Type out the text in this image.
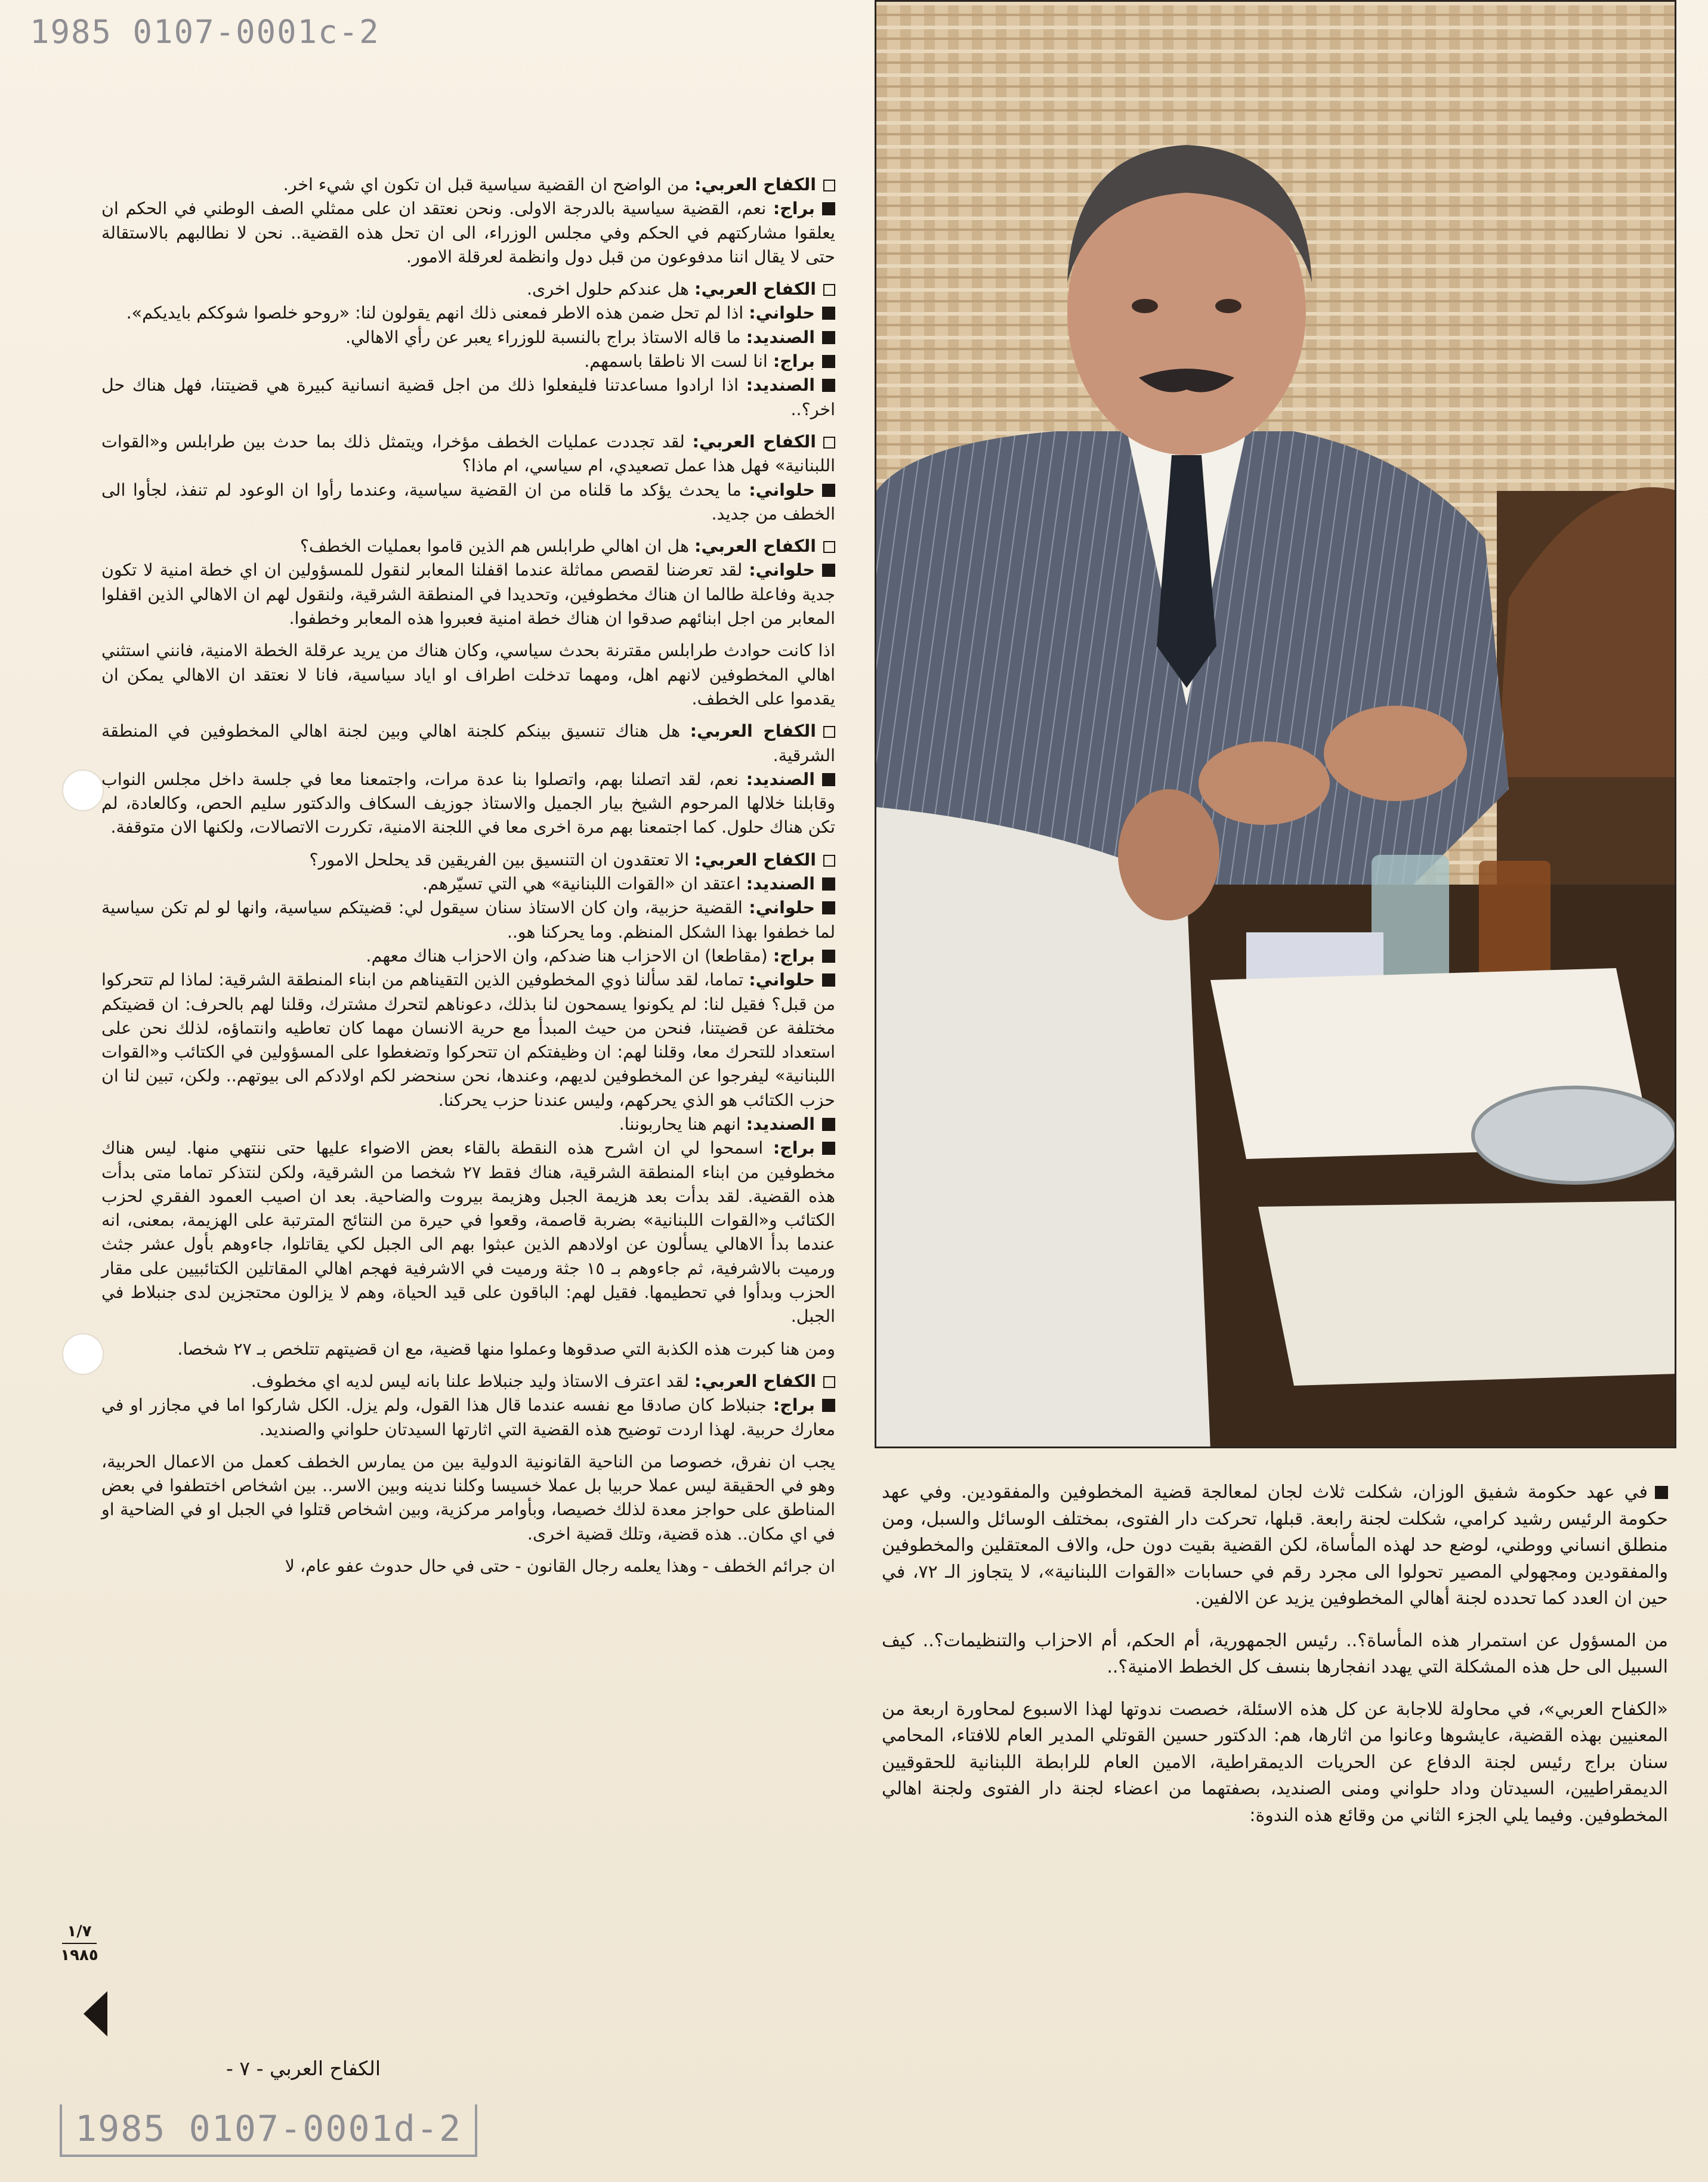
1985 0107-0001c-2

الكفاح العربي: من الواضح ان القضية سياسية قبل ان تكون اي شيء اخر.

براج: نعم، القضية سياسية بالدرجة الاولى. ونحن نعتقد ان على ممثلي الصف الوطني في الحكم ان يعلقوا مشاركتهم في الحكم وفي مجلس الوزراء، الى ان تحل هذه القضية.. نحن لا نطالبهم بالاستقالة حتى لا يقال اننا مدفوعون من قبل دول وانظمة لعرقلة الامور.

الكفاح العربي: هل عندكم حلول اخرى.

حلواني: اذا لم تحل ضمن هذه الاطر فمعنى ذلك انهم يقولون لنا: «روحو خلصوا شوككم بايديكم».

الصنديد: ما قاله الاستاذ براج بالنسبة للوزراء يعبر عن رأي الاهالي.

براج: انا لست الا ناطقا باسمهم.

الصنديد: اذا ارادوا مساعدتنا فليفعلوا ذلك من اجل قضية انسانية كبيرة هي قضيتنا، فهل هناك حل اخر؟..

الكفاح العربي: لقد تجددت عمليات الخطف مؤخرا، ويتمثل ذلك بما حدث بين طرابلس و«القوات اللبنانية» فهل هذا عمل تصعيدي، ام سياسي، ام ماذا؟

حلواني: ما يحدث يؤكد ما قلناه من ان القضية سياسية، وعندما رأوا ان الوعود لم تنفذ، لجأوا الى الخطف من جديد.

الكفاح العربي: هل ان اهالي طرابلس هم الذين قاموا بعمليات الخطف؟

حلواني: لقد تعرضنا لقصص مماثلة عندما اقفلنا المعابر لنقول للمسؤولين ان اي خطة امنية لا تكون جدية وفاعلة طالما ان هناك مخطوفين، وتحديدا في المنطقة الشرقية، ولنقول لهم ان الاهالي الذين اقفلوا المعابر من اجل ابنائهم صدقوا ان هناك خطة امنية فعبروا هذه المعابر وخطفوا.

اذا كانت حوادث طرابلس مقترنة بحدث سياسي، وكان هناك من يريد عرقلة الخطة الامنية، فانني استثني اهالي المخطوفين لانهم اهل، ومهما تدخلت اطراف او اياد سياسية، فانا لا نعتقد ان الاهالي يمكن ان يقدموا على الخطف.

الكفاح العربي: هل هناك تنسيق بينكم كلجنة اهالي وبين لجنة اهالي المخطوفين في المنطقة الشرقية.

الصنديد: نعم، لقد اتصلنا بهم، واتصلوا بنا عدة مرات، واجتمعنا معا في جلسة داخل مجلس النواب وقابلنا خلالها المرحوم الشيخ بيار الجميل والاستاذ جوزيف السكاف والدكتور سليم الحص، وكالعادة، لم تكن هناك حلول. كما اجتمعنا بهم مرة اخرى معا في اللجنة الامنية، تكررت الاتصالات، ولكنها الان متوقفة.

الكفاح العربي: الا تعتقدون ان التنسيق بين الفريقين قد يحلحل الامور؟

الصنديد: اعتقد ان «القوات اللبنانية» هي التي تسيّرهم.

حلواني: القضية حزبية، وان كان الاستاذ سنان سيقول لي: قضيتكم سياسية، وانها لو لم تكن سياسية لما خطفوا بهذا الشكل المنظم. وما يحركنا هو..

براج: (مقاطعا) ان الاحزاب هنا ضدكم، وان الاحزاب هناك معهم.

حلواني: تماما، لقد سألنا ذوي المخطوفين الذين التقيناهم من ابناء المنطقة الشرقية: لماذا لم تتحركوا من قبل؟ فقيل لنا: لم يكونوا يسمحون لنا بذلك، دعوناهم لتحرك مشترك، وقلنا لهم بالحرف: ان قضيتكم مختلفة عن قضيتنا، فنحن من حيث المبدأ مع حرية الانسان مهما كان تعاطيه وانتماؤه، لذلك نحن على استعداد للتحرك معا، وقلنا لهم: ان وظيفتكم ان تتحركوا وتضغطوا على المسؤولين في الكتائب و«القوات اللبنانية» ليفرجوا عن المخطوفين لديهم، وعندها، نحن سنحضر لكم اولادكم الى بيوتهم.. ولكن، تبين لنا ان حزب الكتائب هو الذي يحركهم، وليس عندنا حزب يحركنا.

الصنديد: انهم هنا يحاربوننا.

براج: اسمحوا لي ان اشرح هذه النقطة بالقاء بعض الاضواء عليها حتى ننتهي منها. ليس هناك مخطوفين من ابناء المنطقة الشرقية، هناك فقط ٢٧ شخصا من الشرقية، ولكن لنتذكر تماما متى بدأت هذه القضية. لقد بدأت بعد هزيمة الجبل وهزيمة بيروت والضاحية. بعد ان اصيب العمود الفقري لحزب الكتائب و«القوات اللبنانية» بضربة قاصمة، وقعوا في حيرة من النتائج المترتبة على الهزيمة، بمعنى، انه عندما بدأ الاهالي يسألون عن اولادهم الذين عبثوا بهم الى الجبل لكي يقاتلوا، جاءوهم بأول عشر جثث ورميت بالاشرفية، ثم جاءوهم بـ ١٥ جثة ورميت في الاشرفية فهجم اهالي المقاتلين الكتائبيين على مقار الحزب وبدأوا في تحطيمها. فقيل لهم: الباقون على قيد الحياة، وهم لا يزالون محتجزين لدى جنبلاط في الجبل.

ومن هنا كبرت هذه الكذبة التي صدقوها وعملوا منها قضية، مع ان قضيتهم تتلخص بـ ٢٧ شخصا.

الكفاح العربي: لقد اعترف الاستاذ وليد جنبلاط علنا بانه ليس لديه اي مخطوف.

براج: جنبلاط كان صادقا مع نفسه عندما قال هذا القول، ولم يزل. الكل شاركوا اما في مجازر او في معارك حربية. لهذا اردت توضيح هذه القضية التي اثارتها السيدتان حلواني والصنديد.

يجب ان نفرق، خصوصا من الناحية القانونية الدولية بين من يمارس الخطف كعمل من الاعمال الحربية، وهو في الحقيقة ليس عملا حربيا بل عملا خسيسا وكلنا ندينه وبين الاسر.. بين اشخاص اختطفوا في بعض المناطق على حواجز معدة لذلك خصيصا، وبأوامر مركزية، وبين اشخاص قتلوا في الجبل او في الضاحية او في اي مكان.. هذه قضية، وتلك قضية اخرى.

ان جرائم الخطف - وهذا يعلمه رجال القانون - حتى في حال حدوث عفو عام، لا

في عهد حكومة شفيق الوزان، شكلت ثلاث لجان لمعالجة قضية المخطوفين والمفقودين. وفي عهد حكومة الرئيس رشيد كرامي، شكلت لجنة رابعة. قبلها، تحركت دار الفتوى، بمختلف الوسائل والسبل، ومن منطلق انساني ووطني، لوضع حد لهذه المأساة، لكن القضية بقيت دون حل، والاف المعتقلين والمخطوفين والمفقودين ومجهولي المصير تحولوا الى مجرد رقم في حسابات «القوات اللبنانية»، لا يتجاوز الـ ٧٢، في حين ان العدد كما تحدده لجنة أهالي المخطوفين يزيد عن الالفين.

من المسؤول عن استمرار هذه المأساة؟.. رئيس الجمهورية، أم الحكم، أم الاحزاب والتنظيمات؟.. كيف السبيل الى حل هذه المشكلة التي يهدد انفجارها بنسف كل الخطط الامنية؟..

«الكفاح العربي»، في محاولة للاجابة عن كل هذه الاسئلة، خصصت ندوتها لهذا الاسبوع لمحاورة اربعة من المعنيين بهذه القضية، عايشوها وعانوا من اثارها، هم: الدكتور حسين القوتلي المدير العام للافتاء، المحامي سنان براج رئيس لجنة الدفاع عن الحريات الديمقراطية، الامين العام للرابطة اللبنانية للحقوقيين الديمقراطيين، السيدتان وداد حلواني ومنى الصنديد، بصفتهما من اعضاء لجنة دار الفتوى ولجنة اهالي المخطوفين. وفيما يلي الجزء الثاني من وقائع هذه الندوة:

١/٧
١٩٨٥
الكفاح العربي - ٧ -
1985 0107-0001d-2
